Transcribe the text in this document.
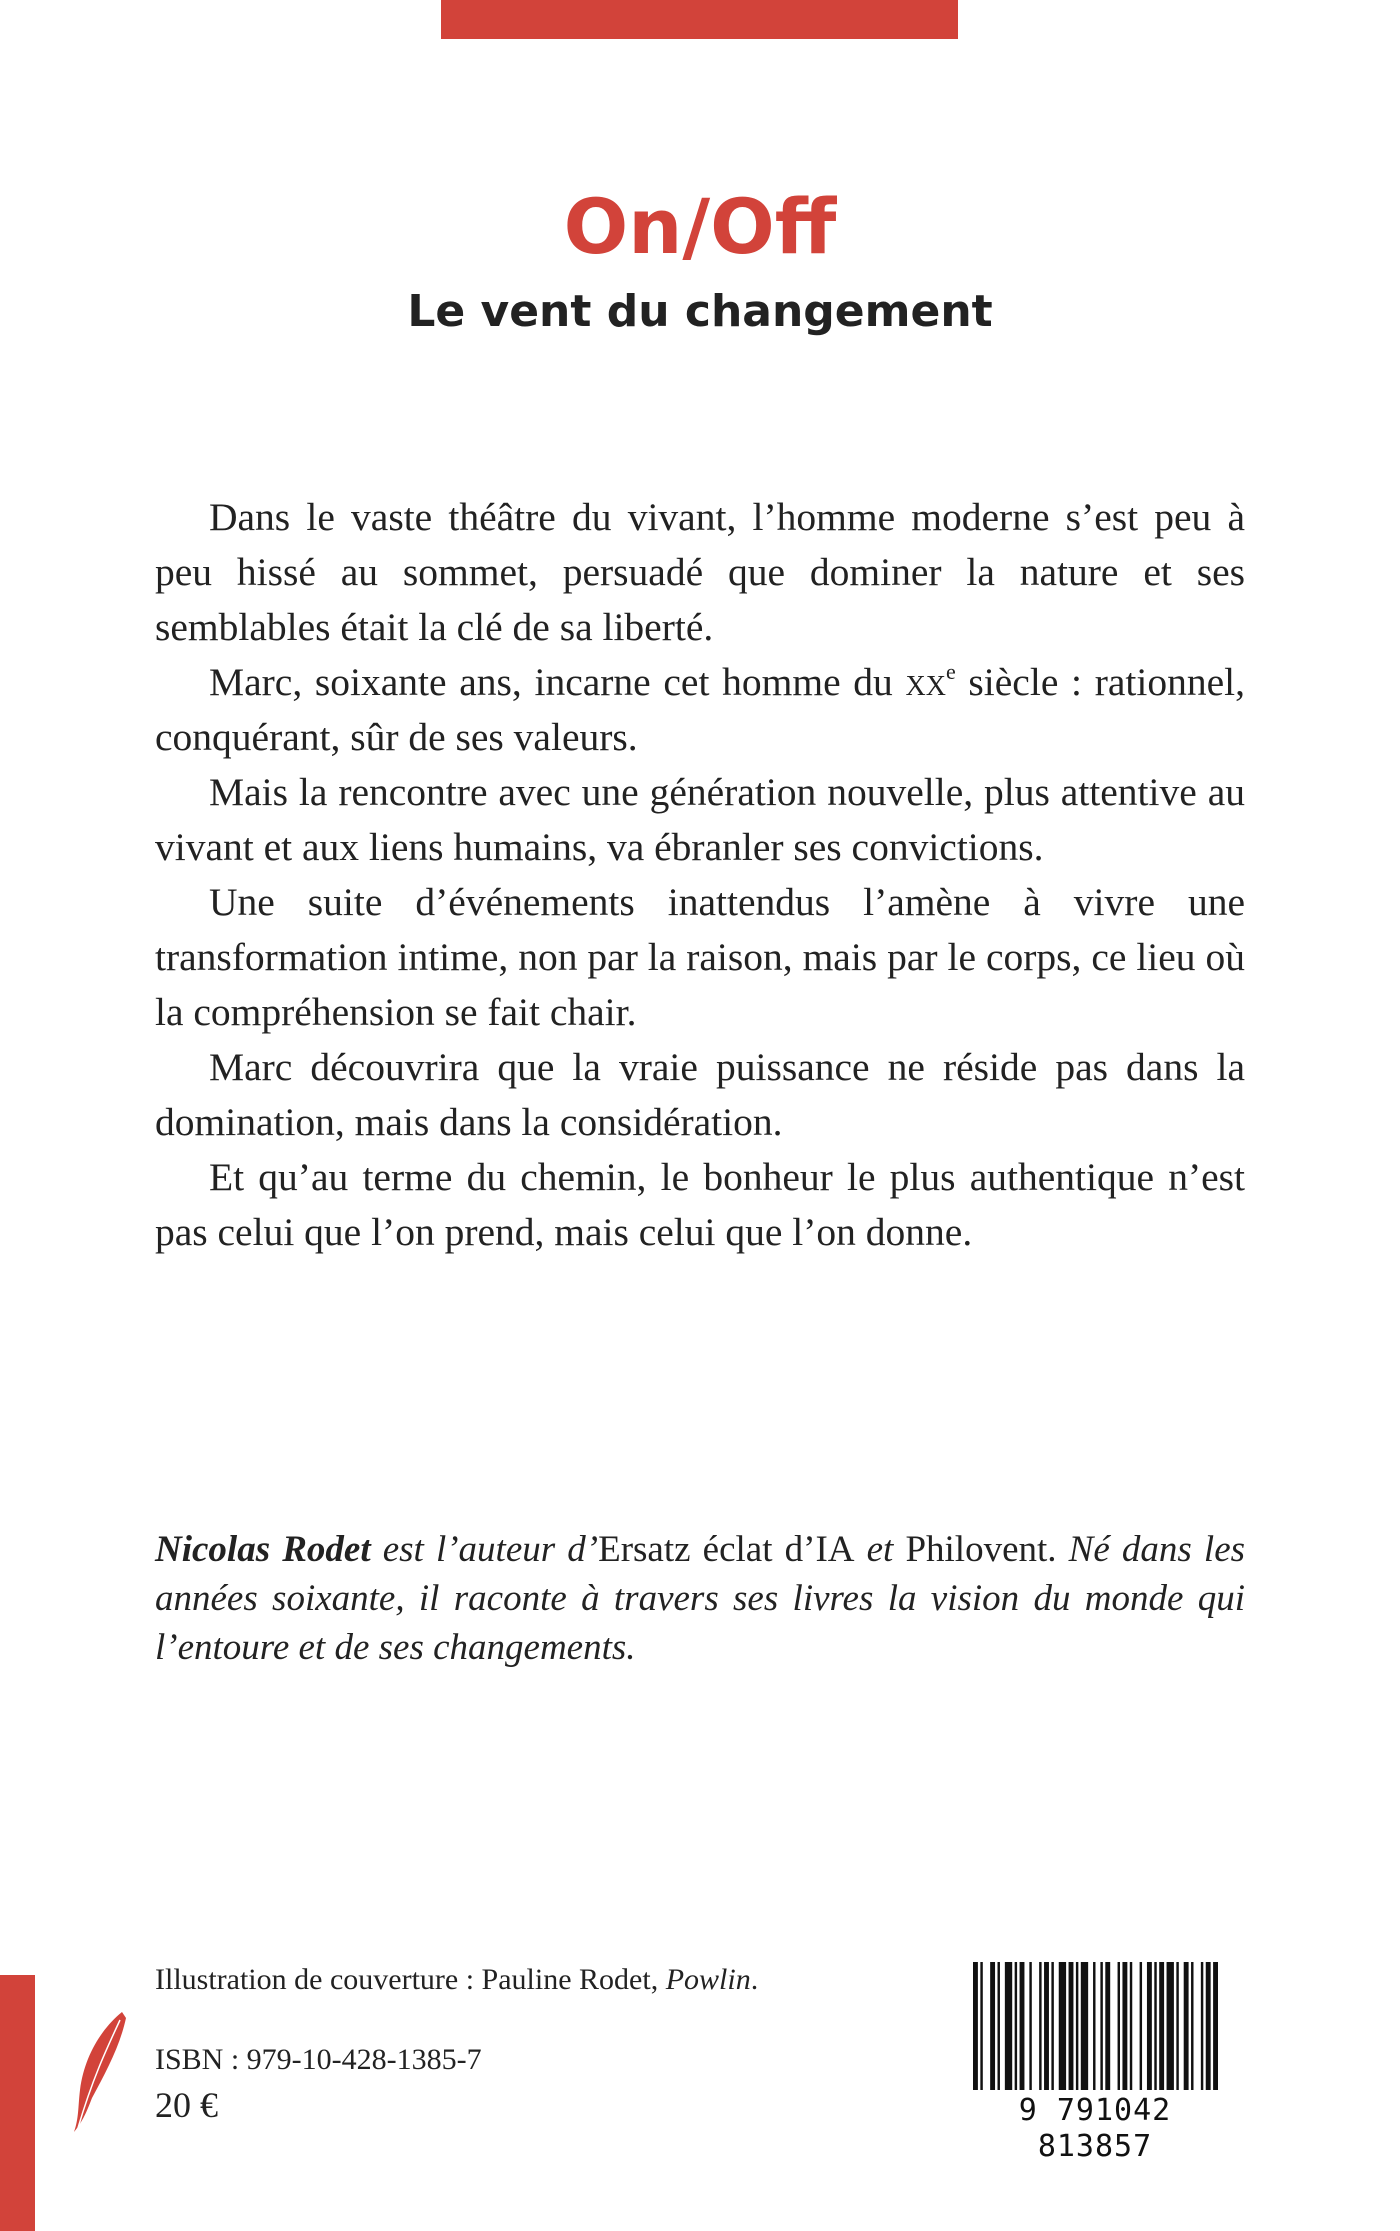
On/Off
Le vent du changement

Dans le vaste théâtre du vivant, l’homme moderne s’est peu à peu hissé au sommet, persuadé que dominer la nature et ses semblables était la clé de sa liberté.

Marc, soixante ans, incarne cet homme du $xx^e$ siècle : rationnel, conquérant, sûr de ses valeurs.

Mais la rencontre avec une génération nouvelle, plus attentive au vivant et aux liens humains, va ébranler ses convictions.

Une suite d’événements inattendus l’amène à vivre une transformation intime, non par la raison, mais par le corps, ce lieu où la compréhension se fait chair.

Marc découvrira que la vraie puissance ne réside pas dans la domination, mais dans la considération.

Et qu’au terme du chemin, le bonheur le plus authentique n’est pas celui que l’on prend, mais celui que l’on donne.

Nicolas Rodet est l’auteur d’Ersatz éclat d’IA et Philovent. Né dans les années soixante, il raconte à travers ses livres la vision du monde qui l’entoure et de ses changements.
Illustration de couverture : Pauline Rodet, Powlin.
ISBN : 979-10-428-1385-7
20 €	9 791042 813857
